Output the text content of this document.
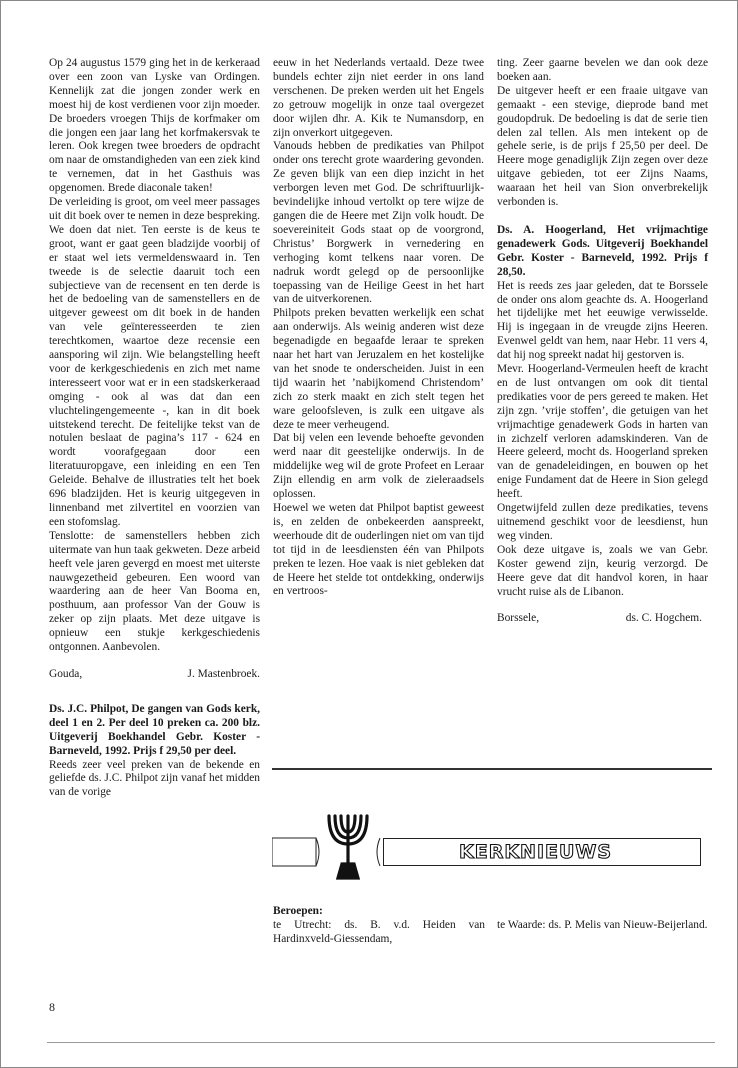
Op 24 augustus 1579 ging het in de kerkeraad over een zoon van Lyske van Ordingen. Kennelijk zat die jongen zonder werk en moest hij de kost verdienen voor zijn moeder. De broeders vroegen Thijs de korfmaker om die jongen een jaar lang het korfmakersvak te leren. Ook kregen twee broeders de opdracht om naar de omstandigheden van een ziek kind te vernemen, dat in het Gasthuis was opgenomen. Brede diaconale taken!

De verleiding is groot, om veel meer passages uit dit boek over te nemen in deze bespreking. We doen dat niet. Ten eerste is de keus te groot, want er gaat geen bladzijde voorbij of er staat wel iets vermeldenswaard in. Ten tweede is de selectie daaruit toch een subjectieve van de recensent en ten derde is het de bedoeling van de samenstellers en de uitgever geweest om dit boek in de handen van vele geïnteresseerden te zien terechtkomen, waartoe deze recensie een aansporing wil zijn. Wie belangstelling heeft voor de kerkgeschiedenis en zich met name interesseert voor wat er in een stadskerkeraad omging - ook al was dat dan een vluchtelingengemeente -, kan in dit boek uitstekend terecht. De feitelijke tekst van de notulen beslaat de pagina’s 117 - 624 en wordt voorafgegaan door een literatuuropgave, een inleiding en een Ten Geleide. Behalve de illustraties telt het boek 696 bladzijden. Het is keurig uitgegeven in linnenband met zilvertitel en voorzien van een stofomslag.

Tenslotte: de samenstellers hebben zich uitermate van hun taak gekweten. Deze arbeid heeft vele jaren gevergd en moest met uiterste nauwgezetheid gebeuren. Een woord van waardering aan de heer Van Booma en, posthuum, aan professor Van der Gouw is zeker op zijn plaats. Met deze uitgave is opnieuw een stukje kerkgeschiedenis ontgonnen. Aanbevolen.

Gouda,	J. Mastenbroek.

Ds. J.C. Philpot, De gangen van Gods kerk, deel 1 en 2. Per deel 10 preken ca. 200 blz. Uitgeverij Boekhandel Gebr. Koster - Barneveld, 1992. Prijs f 29,50 per deel.

Reeds zeer veel preken van de bekende en geliefde ds. J.C. Philpot zijn vanaf het midden van de vorige

eeuw in het Nederlands vertaald. Deze twee bundels echter zijn niet eerder in ons land verschenen. De preken werden uit het Engels zo getrouw mogelijk in onze taal overgezet door wijlen dhr. A. Kik te Numansdorp, en zijn onverkort uitgegeven.

Vanouds hebben de predikaties van Philpot onder ons terecht grote waardering gevonden. Ze geven blijk van een diep inzicht in het verborgen leven met God. De schriftuurlijk-bevindelijke inhoud vertolkt op tere wijze de gangen die de Heere met Zijn volk houdt. De soevereiniteit Gods staat op de voorgrond, Christus’ Borgwerk in vernedering en verhoging komt telkens naar voren. De nadruk wordt gelegd op de persoonlijke toepassing van de Heilige Geest in het hart van de uitverkorenen.

Philpots preken bevatten werkelijk een schat aan onderwijs. Als weinig anderen wist deze begenadigde en begaafde leraar te spreken naar het hart van Jeruzalem en het kostelijke van het snode te onderscheiden. Juist in een tijd waarin het ’nabijkomend Christendom’ zich zo sterk maakt en zich stelt tegen het ware geloofsleven, is zulk een uitgave als deze te meer verheugend.

Dat bij velen een levende behoefte gevonden werd naar dit geestelijke onderwijs. In de middelijke weg wil de grote Profeet en Leraar Zijn ellendig en arm volk de zieleraadsels oplossen.

Hoewel we weten dat Philpot baptist geweest is, en zelden de onbekeerden aanspreekt, weerhoude dit de ouderlingen niet om van tijd tot tijd in de leesdiensten één van Philpots preken te lezen. Hoe vaak is niet gebleken dat de Heere het stelde tot ontdekking, onderwijs en vertroos-

ting. Zeer gaarne bevelen we dan ook deze boeken aan.

De uitgever heeft er een fraaie uitgave van gemaakt - een stevige, dieprode band met goudopdruk. De bedoeling is dat de serie tien delen zal tellen. Als men intekent op de gehele serie, is de prijs f 25,50 per deel. De Heere moge genadiglijk Zijn zegen over deze uitgave gebieden, tot eer Zijns Naams, waaraan het heil van Sion onverbrekelijk verbonden is.

Ds. A. Hoogerland, Het vrijmachtige genadewerk Gods. Uitgeverij Boekhandel Gebr. Koster - Barneveld, 1992. Prijs f 28,50.

Het is reeds zes jaar geleden, dat te Borssele de onder ons alom geachte ds. A. Hoogerland het tijdelijke met het eeuwige verwisselde. Hij is ingegaan in de vreugde zijns Heeren. Evenwel geldt van hem, naar Hebr. 11 vers 4, dat hij nog spreekt nadat hij gestorven is.

Mevr. Hoogerland-Vermeulen heeft de kracht en de lust ontvangen om ook dit tiental predikaties voor de pers gereed te maken. Het zijn zgn. ’vrije stoffen’, die getuigen van het vrijmachtige genadewerk Gods in harten van in zichzelf verloren adamskinderen. Van de Heere geleerd, mocht ds. Hoogerland spreken van de genadeleidingen, en bouwen op het enige Fundament dat de Heere in Sion gelegd heeft.

Ongetwijfeld zullen deze predikaties, tevens uitnemend geschikt voor de leesdienst, hun weg vinden.

Ook deze uitgave is, zoals we van Gebr. Koster gewend zijn, keurig verzorgd. De Heere geve dat dit handvol koren, in haar vrucht ruise als de Libanon.

Borssele,	ds. C. Hogchem.
KERKNIEUWS
Beroepen:
te Utrecht: ds. B. v.d. Heiden van Hardinxveld-Giessendam,
te Waarde: ds. P. Melis van Nieuw-Beijerland.
8
